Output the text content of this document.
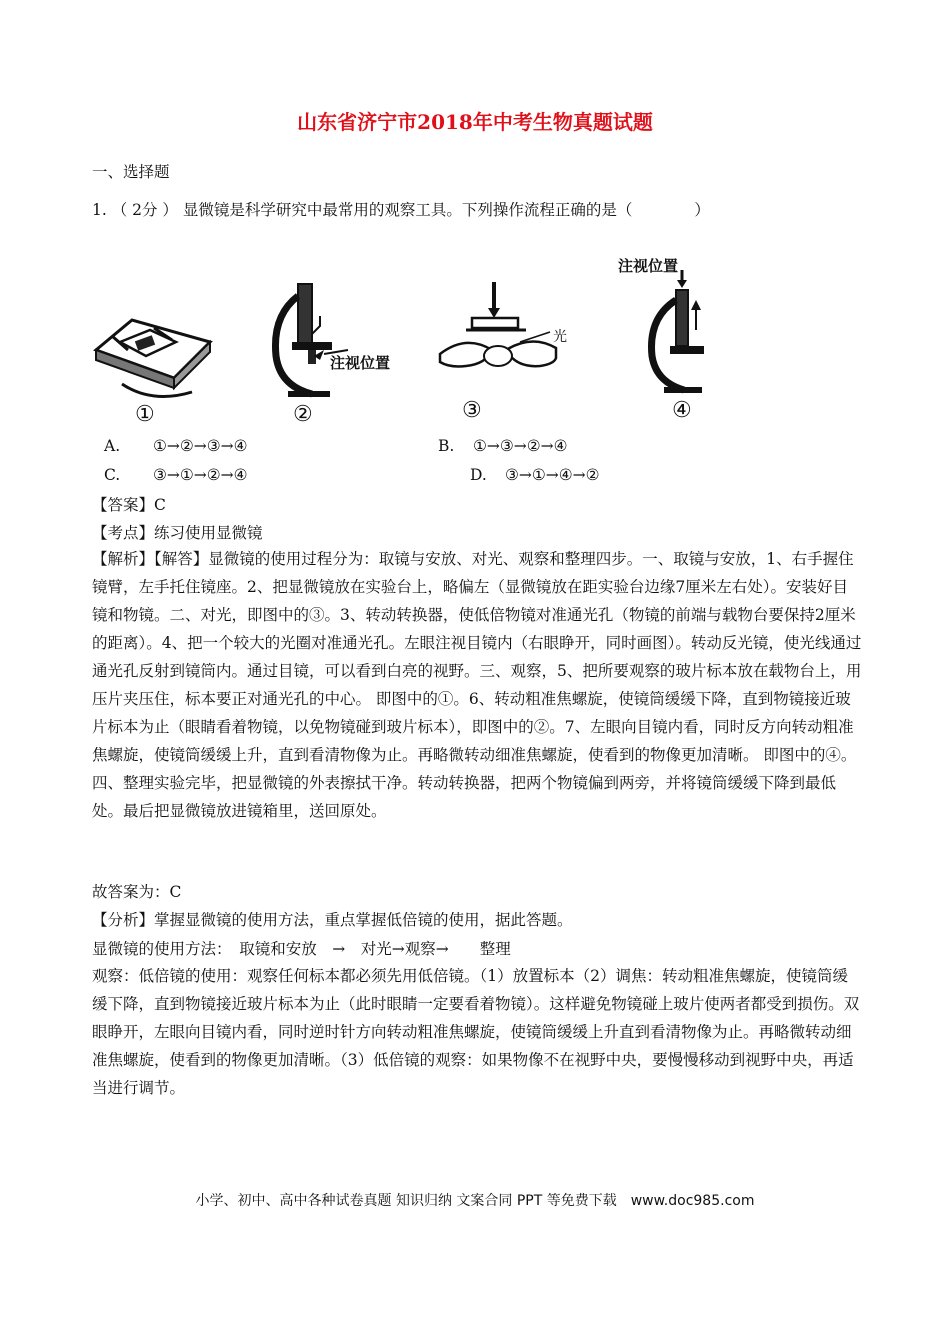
山东省济宁市2018年中考生物真题试题
一、选择题
1. （ 2分 ） 显微镜是科学研究中最常用的观察工具。下列操作流程正确的是（　　　　）
①
注视位置
②
光
③
注视位置
④
A. ①→②→③→④	B. ①→③→②→④
C. ③→①→②→④	D. ③→①→④→②
【答案】C
【考点】练习使用显微镜
【解析】【解答】显微镜的使用过程分为：取镜与安放、对光、观察和整理四步。一、取镜与安放，1、右手握住镜臂，左手托住镜座。2、把显微镜放在实验台上，略偏左（显微镜放在距实验台边缘7厘米左右处）。安装好目镜和物镜。二、对光，即图中的③。3、转动转换器，使低倍物镜对准通光孔（物镜的前端与载物台要保持2厘米的距离）。4、把一个较大的光圈对准通光孔。左眼注视目镜内（右眼睁开，同时画图）。转动反光镜，使光线通过通光孔反射到镜筒内。通过目镜，可以看到白亮的视野。三、观察，5、把所要观察的玻片标本放在载物台上，用压片夹压住，标本要正对通光孔的中心。 即图中的①。6、转动粗准焦螺旋，使镜筒缓缓下降，直到物镜接近玻片标本为止（眼睛看着物镜，以免物镜碰到玻片标本），即图中的②。7、左眼向目镜内看，同时反方向转动粗准焦螺旋，使镜筒缓缓上升，直到看清物像为止。再略微转动细准焦螺旋，使看到的物像更加清晰。 即图中的④。四、整理实验完毕，把显微镜的外表擦拭干净。转动转换器，把两个物镜偏到两旁，并将镜筒缓缓下降到最低处。最后把显微镜放进镜箱里，送回原处。
故答案为：C
【分析】掌握显微镜的使用方法，重点掌握低倍镜的使用，据此答题。
显微镜的使用方法：　取镜和安放　→　对光→观察→　　整理
观察：低倍镜的使用：观察任何标本都必须先用低倍镜。（1）放置标本（2）调焦：转动粗准焦螺旋，使镜筒缓缓下降，直到物镜接近玻片标本为止（此时眼睛一定要看着物镜）。这样避免物镜碰上玻片使两者都受到损伤。双眼睁开，左眼向目镜内看，同时逆时针方向转动粗准焦螺旋，使镜筒缓缓上升直到看清物像为止。再略微转动细准焦螺旋，使看到的物像更加清晰。（3）低倍镜的观察：如果物像不在视野中央，要慢慢移动到视野中央，再适当进行调节。
小学、初中、高中各种试卷真题 知识归纳 文案合同 PPT 等免费下载　www.doc985.com
